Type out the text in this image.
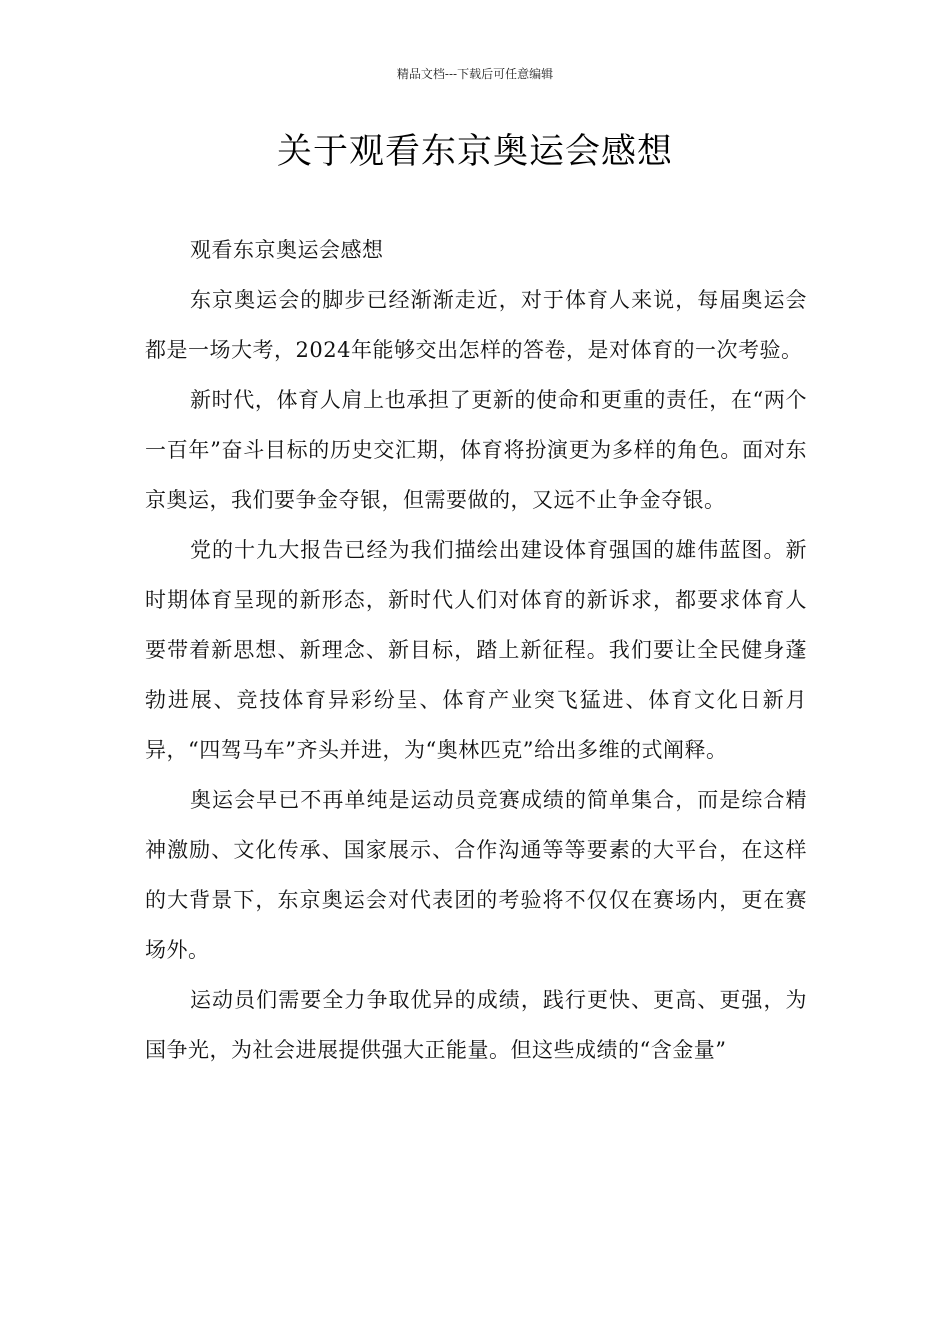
精品文档---下载后可任意编辑
关于观看东京奥运会感想

观看东京奥运会感想

东京奥运会的脚步已经渐渐走近，对于体育人来说，每届奥运会都是一场大考，2024年能够交出怎样的答卷，是对体育的一次考验。

新时代，体育人肩上也承担了更新的使命和更重的责任，在“两个一百年”奋斗目标的历史交汇期，体育将扮演更为多样的角色。面对东京奥运，我们要争金夺银，但需要做的，又远不止争金夺银。

党的十九大报告已经为我们描绘出建设体育强国的雄伟蓝图。新时期体育呈现的新形态，新时代人们对体育的新诉求，都要求体育人要带着新思想、新理念、新目标，踏上新征程。我们要让全民健身蓬勃进展、竞技体育异彩纷呈、体育产业突飞猛进、体育文化日新月异，“四驾马车”齐头并进，为“奥林匹克”给出多维的式阐释。

奥运会早已不再单纯是运动员竞赛成绩的简单集合，而是综合精神激励、文化传承、国家展示、合作沟通等等要素的大平台，在这样的大背景下，东京奥运会对代表团的考验将不仅仅在赛场内，更在赛场外。

运动员们需要全力争取优异的成绩，践行更快、更高、更强，为国争光，为社会进展提供强大正能量。但这些成绩的“含金量”
